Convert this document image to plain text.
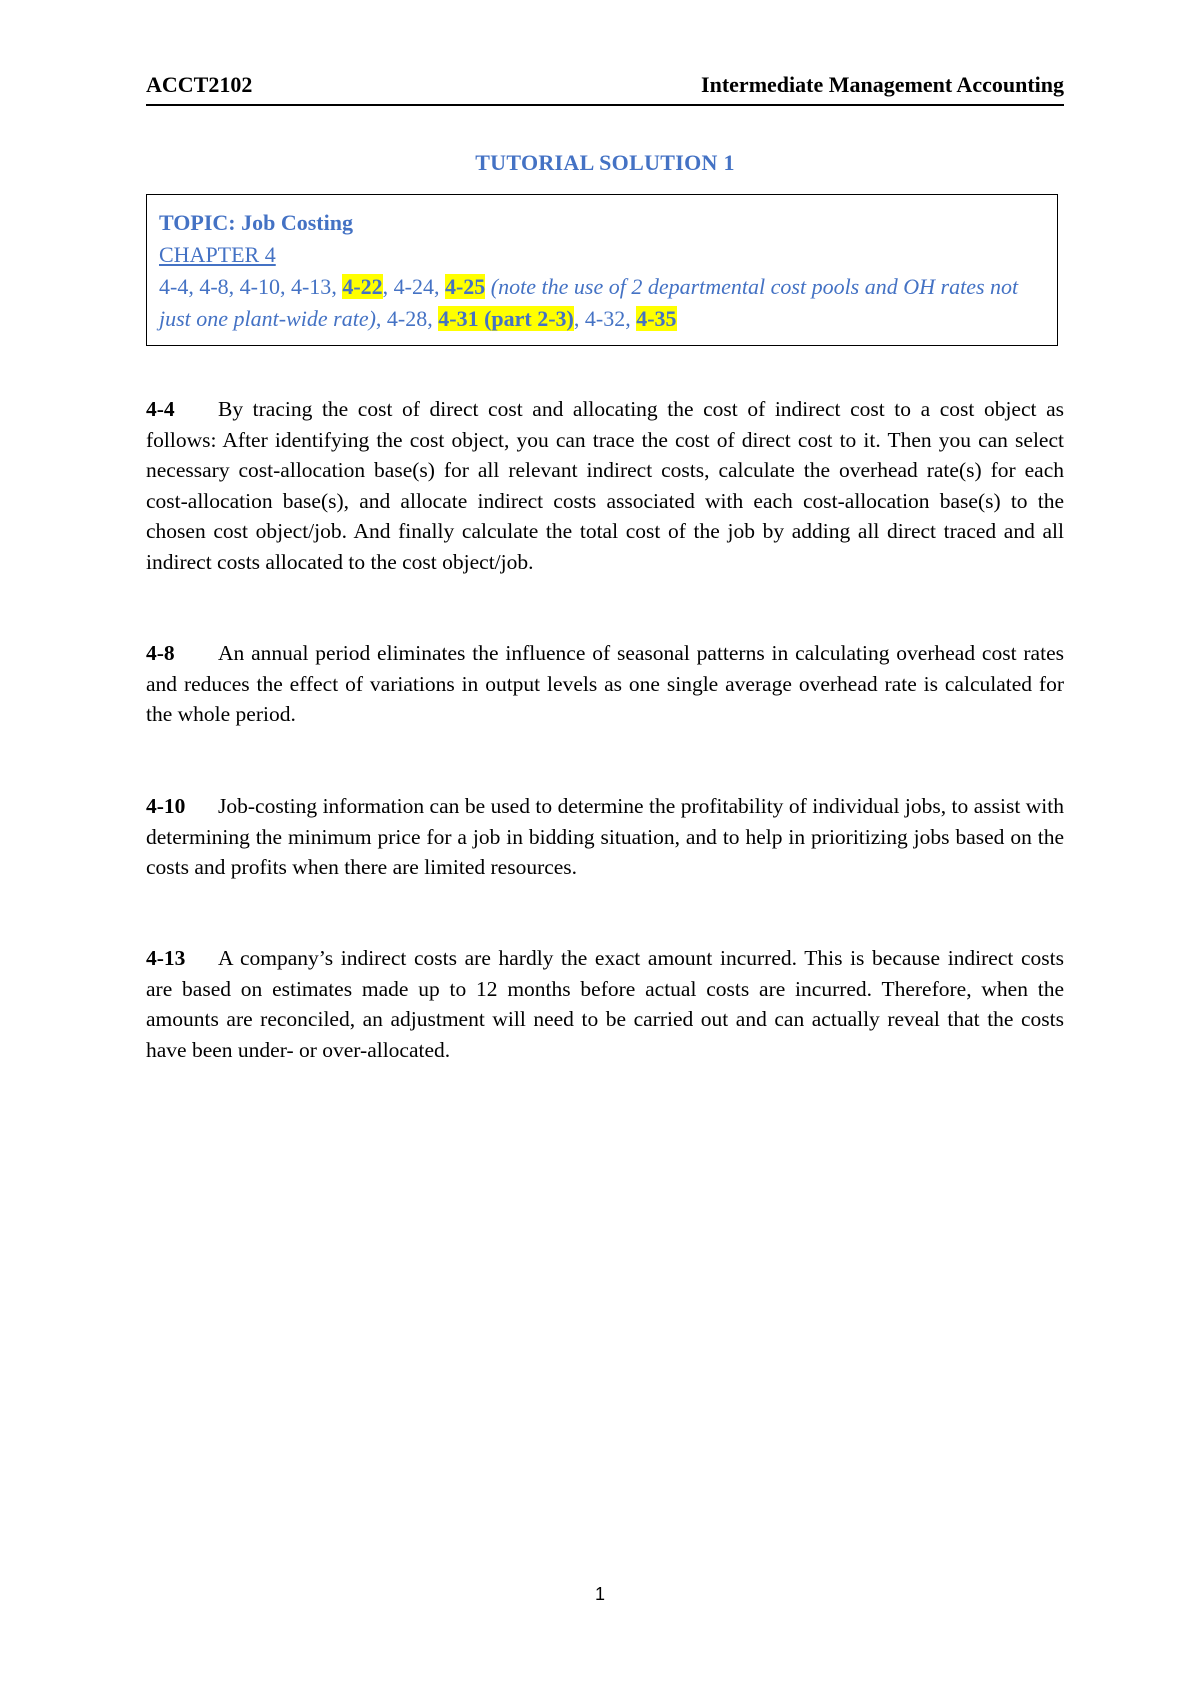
ACCT2102	Intermediate Management Accounting
TUTORIAL SOLUTION 1
TOPIC: Job Costing
CHAPTER 4
4-4, 4-8, 4-10, 4-13, 4-22, 4-24, 4-25 (note the use of 2 departmental cost pools and OH rates not just one plant-wide rate), 4-28, 4-31 (part 2-3), 4-32, 4-35
4-4 By tracing the cost of direct cost and allocating the cost of indirect cost to a cost object as follows: After identifying the cost object, you can trace the cost of direct cost to it. Then you can select necessary cost-allocation base(s) for all relevant indirect costs, calculate the overhead rate(s) for each cost-allocation base(s), and allocate indirect costs associated with each cost-allocation base(s) to the chosen cost object/job. And finally calculate the total cost of the job by adding all direct traced and all indirect costs allocated to the cost object/job.
4-8 An annual period eliminates the influence of seasonal patterns in calculating overhead cost rates and reduces the effect of variations in output levels as one single average overhead rate is calculated for the whole period.
4-10 Job-costing information can be used to determine the profitability of individual jobs, to assist with determining the minimum price for a job in bidding situation, and to help in prioritizing jobs based on the costs and profits when there are limited resources.
4-13 A company’s indirect costs are hardly the exact amount incurred. This is because indirect costs are based on estimates made up to 12 months before actual costs are incurred. Therefore, when the amounts are reconciled, an adjustment will need to be carried out and can actually reveal that the costs have been under- or over-allocated.
1
